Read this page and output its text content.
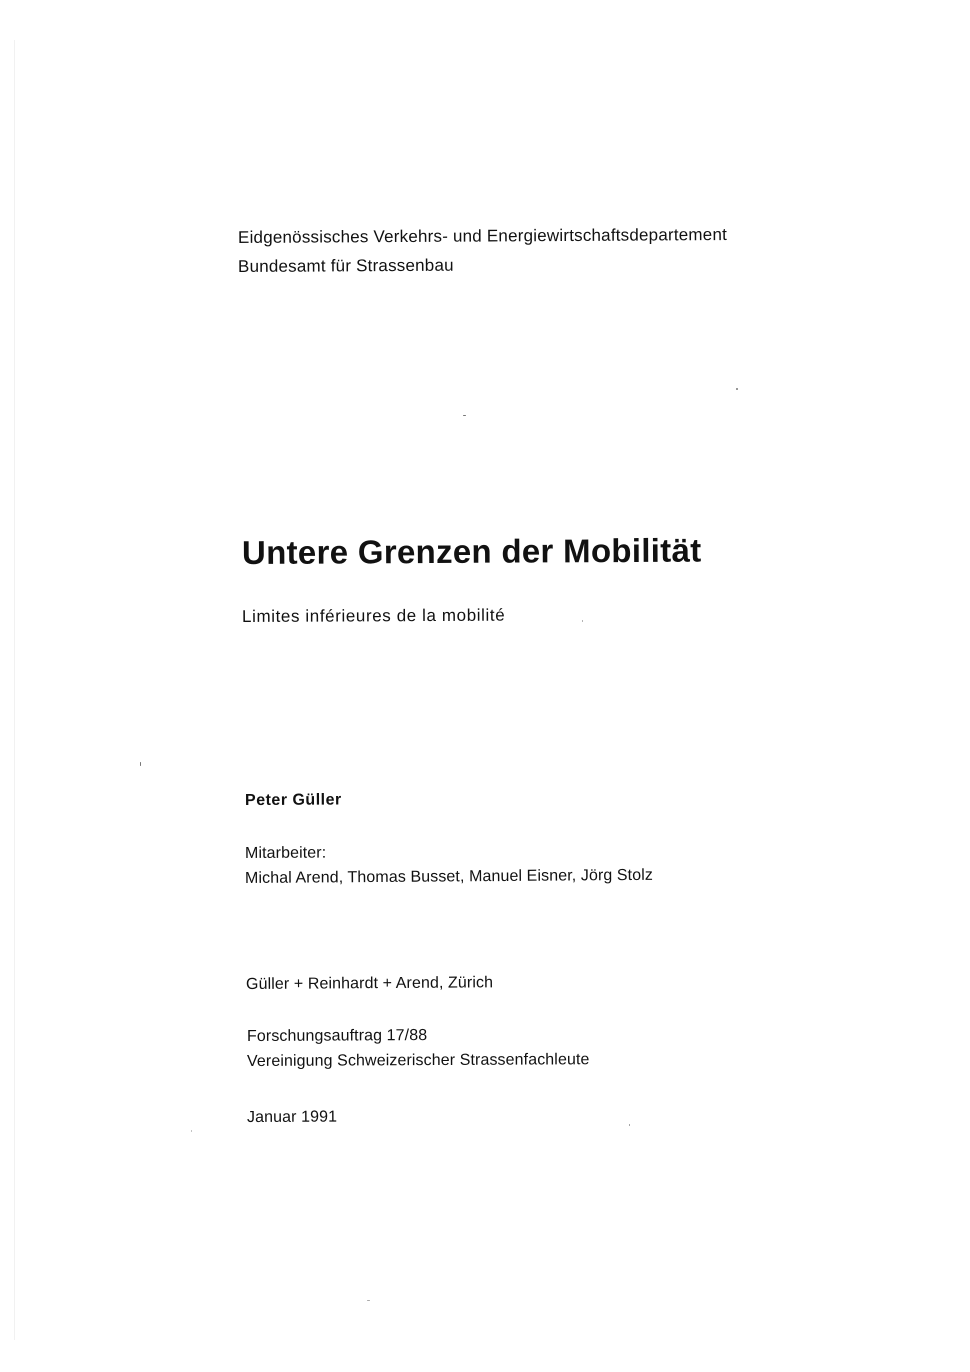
Eidgenössisches Verkehrs- und Energiewirtschaftsdepartement
Bundesamt für Strassenbau
Untere Grenzen der Mobilität
Limites inférieures de la mobilité
Peter Güller
Mitarbeiter:
Michal Arend, Thomas Busset, Manuel Eisner, Jörg Stolz
Güller + Reinhardt + Arend, Zürich
Forschungsauftrag 17/88
Vereinigung Schweizerischer Strassenfachleute
Januar 1991
